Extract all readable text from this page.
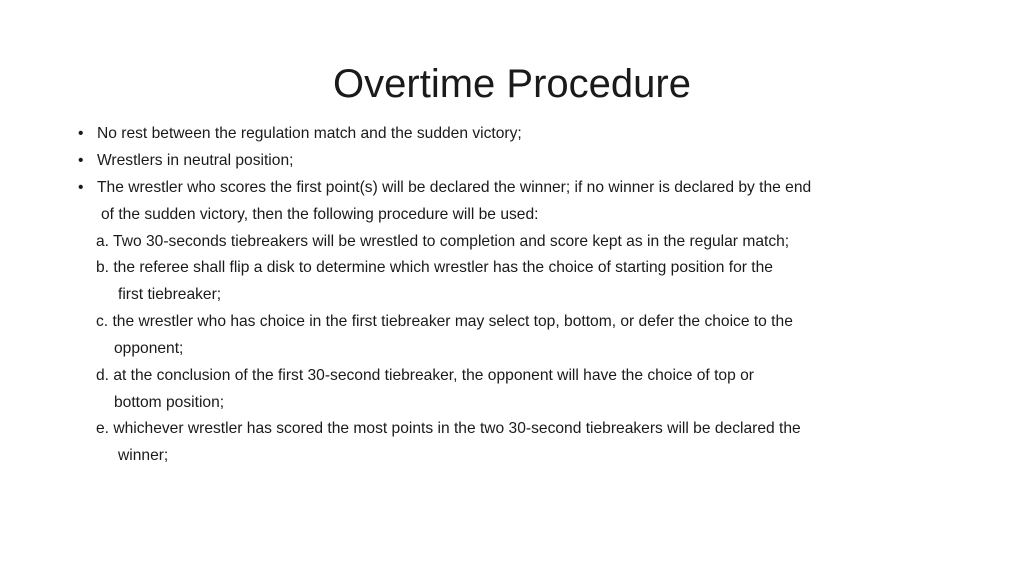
Overtime Procedure
• No rest between the regulation match and the sudden victory;

• Wrestlers in neutral position;

• The wrestler who scores the first point(s) will be declared the winner; if no winner is declared by the end

of the sudden victory, then the following procedure will be used:

a. Two 30-seconds tiebreakers will be wrestled to completion and score kept as in the regular match;

b. the referee shall flip a disk to determine which wrestler has the choice of starting position for the

first tiebreaker;

c. the wrestler who has choice in the first tiebreaker may select top, bottom, or defer the choice to the

opponent;

d. at the conclusion of the first 30-second tiebreaker, the opponent will have the choice of top or

bottom position;

e. whichever wrestler has scored the most points in the two 30-second tiebreakers will be declared the

winner;
